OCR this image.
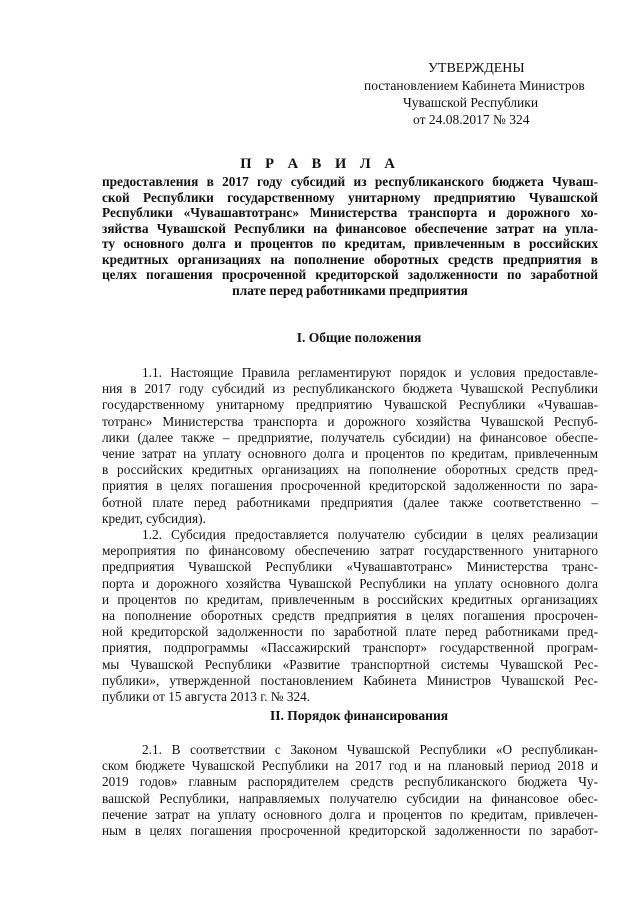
УТВЕРЖДЕНЫ
постановлением Кабинета Министров
Чувашской Республики
от 24.08.2017 № 324
П Р А В И Л А
предоставления в 2017 году субсидий из республиканского бюджета Чуваш-
ской Республики государственному унитарному предприятию Чувашской
Республики «Чувашавтотранс» Министерства транспорта и дорожного хо-
зяйства Чувашской Республики на финансовое обеспечение затрат на упла-
ту основного долга и процентов по кредитам, привлеченным в российских
кредитных организациях на пополнение оборотных средств предприятия в
целях погашения просроченной кредиторской задолженности по заработной
плате перед работниками предприятия
I. Общие положения
1.1. Настоящие Правила регламентируют порядок и условия предоставле-
ния в 2017 году субсидий из республиканского бюджета Чувашской Республики
государственному унитарному предприятию Чувашской Республики «Чувашав-
тотранс» Министерства транспорта и дорожного хозяйства Чувашской Респуб-
лики (далее также – предприятие, получатель субсидии) на финансовое обеспе-
чение затрат на уплату основного долга и процентов по кредитам, привлеченным
в российских кредитных организациях на пополнение оборотных средств пред-
приятия в целях погашения просроченной кредиторской задолженности по зара-
ботной плате перед работниками предприятия (далее также соответственно –
кредит, субсидия).
1.2. Субсидия предоставляется получателю субсидии в целях реализации
мероприятия по финансовому обеспечению затрат государственного унитарного
предприятия Чувашской Республики «Чувашавтотранс» Министерства транс-
порта и дорожного хозяйства Чувашской Республики на уплату основного долга
и процентов по кредитам, привлеченным в российских кредитных организациях
на пополнение оборотных средств предприятия в целях погашения просрочен-
ной кредиторской задолженности по заработной плате перед работниками пред-
приятия, подпрограммы «Пассажирский транспорт» государственной програм-
мы Чувашской Республики «Развитие транспортной системы Чувашской Рес-
публики», утвержденной постановлением Кабинета Министров Чувашской Рес-
публики от 15 августа 2013 г. № 324.
II. Порядок финансирования
2.1. В соответствии с Законом Чувашской Республики «О республикан-
ском бюджете Чувашской Республики на 2017 год и на плановый период 2018 и
2019 годов» главным распорядителем средств республиканского бюджета Чу-
вашской Республики, направляемых получателю субсидии на финансовое обес-
печение затрат на уплату основного долга и процентов по кредитам, привлечен-
ным в целях погашения просроченной кредиторской задолженности по заработ-
